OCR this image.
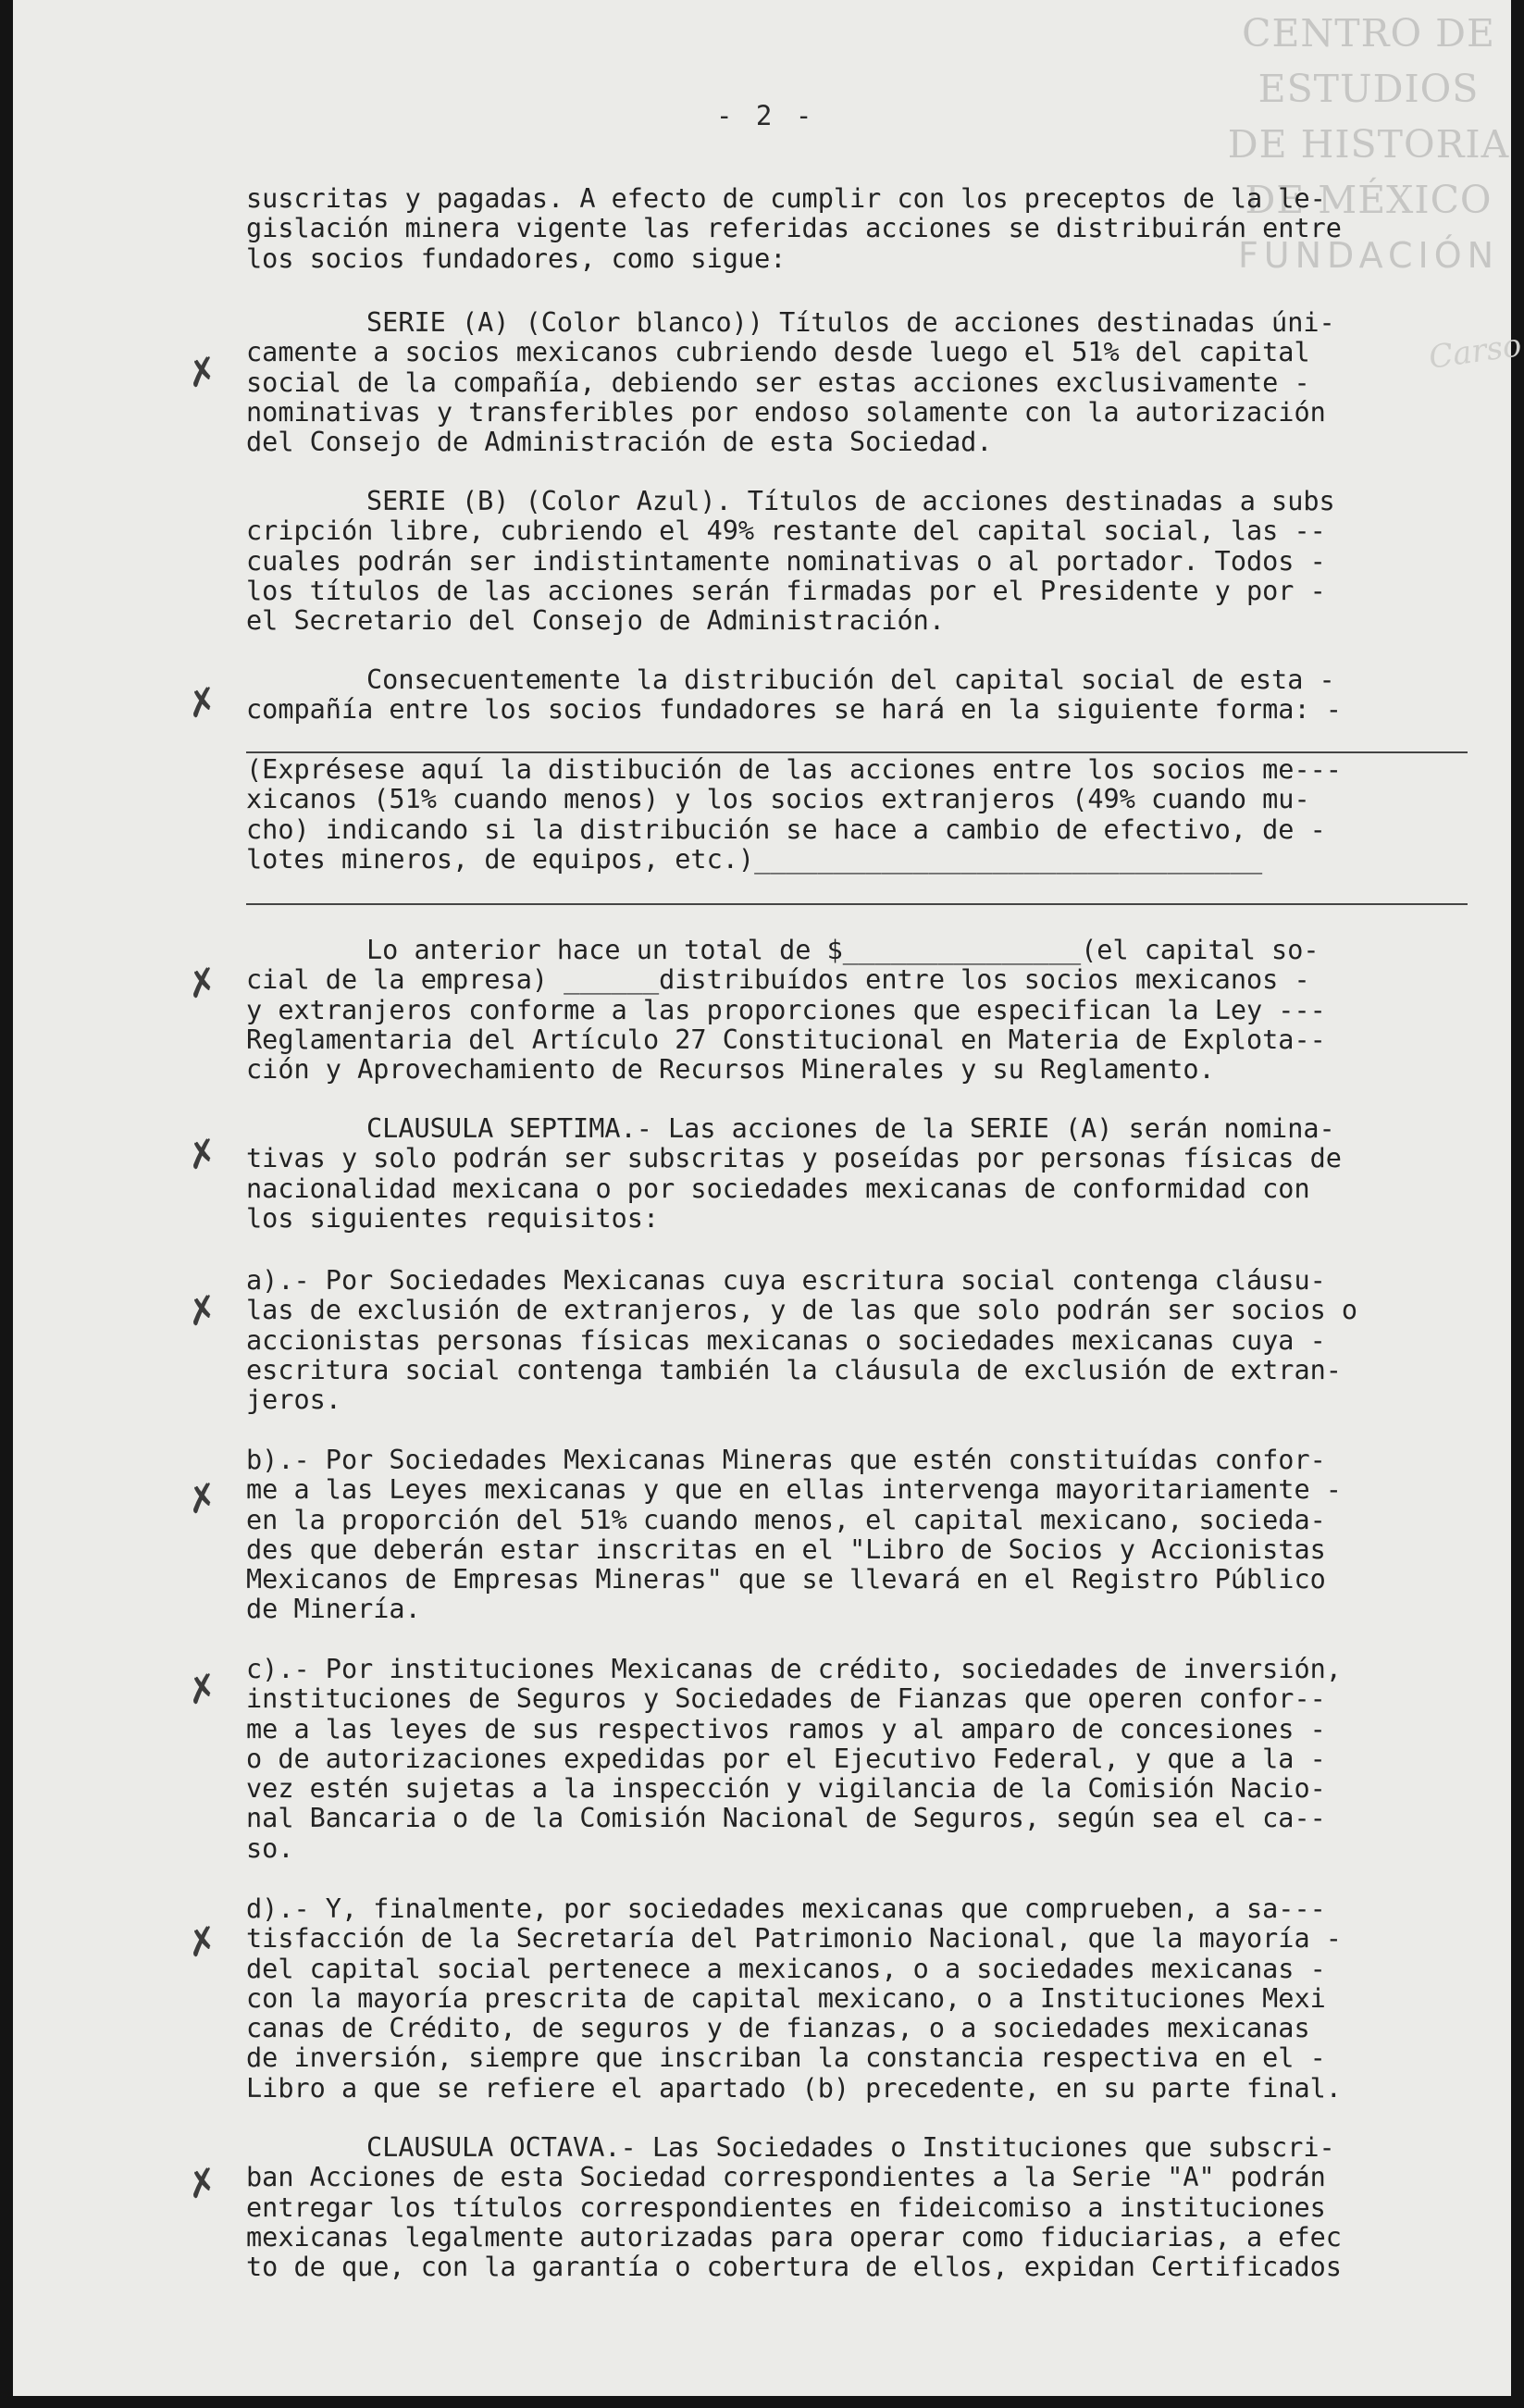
CENTRO DE
ESTUDIOS
DE HISTORIA
DE MÉXICO
FUNDACIÓN
Carso
- 2 -

suscritas y pagadas. A efecto de cumplir con los preceptos de la le-
gislación minera vigente las referidas acciones se distribuirán entre
los socios fundadores, como sigue:

SERIE (A) (Color blanco)) Títulos de acciones destinadas úni-
camente a socios mexicanos cubriendo desde luego el 51% del capital
social de la compañía, debiendo ser estas acciones exclusivamente -
nominativas y transferibles por endoso solamente con la autorización
del Consejo de Administración de esta Sociedad.

✗

SERIE (B) (Color Azul). Títulos de acciones destinadas a subs
cripción libre, cubriendo el 49% restante del capital social, las --
cuales podrán ser indistintamente nominativas o al portador. Todos -
los títulos de las acciones serán firmadas por el Presidente y por -
el Secretario del Consejo de Administración.

Consecuentemente la distribución del capital social de esta -
compañía entre los socios fundadores se hará en la siguiente forma: -

✗

(Exprésese aquí la distibución de las acciones entre los socios me---
xicanos (51% cuando menos) y los socios extranjeros (49% cuando mu-
cho) indicando si la distribución se hace a cambio de efectivo, de -
lotes mineros, de equipos, etc.)________________________________

Lo anterior hace un total de $_______________(el capital so-
cial de la empresa) ______distribuídos entre los socios mexicanos -
y extranjeros conforme a las proporciones que especifican la Ley ---
Reglamentaria del Artículo 27 Constitucional en Materia de Explota--
ción y Aprovechamiento de Recursos Minerales y su Reglamento.

✗

CLAUSULA SEPTIMA.- Las acciones de la SERIE (A) serán nomina-
tivas y solo podrán ser subscritas y poseídas por personas físicas de
nacionalidad mexicana o por sociedades mexicanas de conformidad con
los siguientes requisitos:

✗

a).- Por Sociedades Mexicanas cuya escritura social contenga cláusu-
las de exclusión de extranjeros, y de las que solo podrán ser socios o
accionistas personas físicas mexicanas o sociedades mexicanas cuya -
escritura social contenga también la cláusula de exclusión de extran-
jeros.

✗

b).- Por Sociedades Mexicanas Mineras que estén constituídas confor-
me a las Leyes mexicanas y que en ellas intervenga mayoritariamente -
en la proporción del 51% cuando menos, el capital mexicano, socieda-
des que deberán estar inscritas en el "Libro de Socios y Accionistas
Mexicanos de Empresas Mineras" que se llevará en el Registro Público
de Minería.

✗

c).- Por instituciones Mexicanas de crédito, sociedades de inversión,
instituciones de Seguros y Sociedades de Fianzas que operen confor--
me a las leyes de sus respectivos ramos y al amparo de concesiones -
o de autorizaciones expedidas por el Ejecutivo Federal, y que a la -
vez estén sujetas a la inspección y vigilancia de la Comisión Nacio-
nal Bancaria o de la Comisión Nacional de Seguros, según sea el ca--
so.

✗

d).- Y, finalmente, por sociedades mexicanas que comprueben, a sa---
tisfacción de la Secretaría del Patrimonio Nacional, que la mayoría -
del capital social pertenece a mexicanos, o a sociedades mexicanas -
con la mayoría prescrita de capital mexicano, o a Instituciones Mexi
canas de Crédito, de seguros y de fianzas, o a sociedades mexicanas
de inversión, siempre que inscriban la constancia respectiva en el -
Libro a que se refiere el apartado (b) precedente, en su parte final.

✗

CLAUSULA OCTAVA.- Las Sociedades o Instituciones que subscri-
ban Acciones de esta Sociedad correspondientes a la Serie "A" podrán
entregar los títulos correspondientes en fideicomiso a instituciones
mexicanas legalmente autorizadas para operar como fiduciarias, a efec
to de que, con la garantía o cobertura de ellos, expidan Certificados

✗
